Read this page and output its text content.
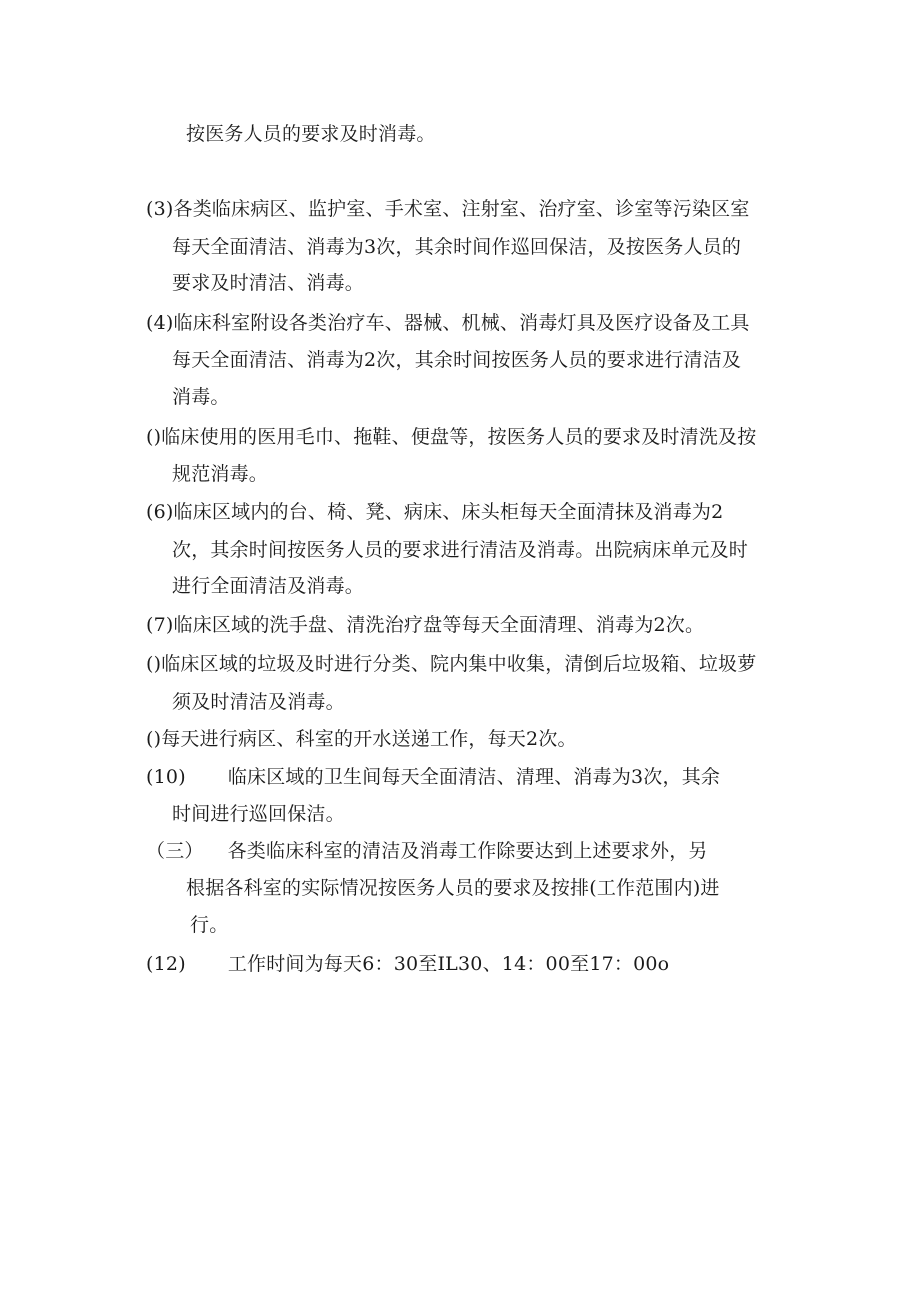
按医务人员的要求及时消毒。
(3)各类临床病区、监护室、手术室、注射室、治疗室、诊室等污染区室
每天全面清洁、消毒为3次，其余时间作巡回保洁，及按医务人员的
要求及时清洁、消毒。
(4)临床科室附设各类治疗车、器械、机械、消毒灯具及医疗设备及工具
每天全面清洁、消毒为2次，其余时间按医务人员的要求进行清洁及
消毒。
()临床使用的医用毛巾、拖鞋、便盘等，按医务人员的要求及时清洗及按
规范消毒。
(6)临床区域内的台、椅、凳、病床、床头柜每天全面清抹及消毒为2
次，其余时间按医务人员的要求进行清洁及消毒。出院病床单元及时
进行全面清洁及消毒。
(7)临床区域的洗手盘、清洗治疗盘等每天全面清理、消毒为2次。
()临床区域的垃圾及时进行分类、院内集中收集，清倒后垃圾箱、垃圾萝
须及时清洁及消毒。
()每天进行病区、科室的开水送递工作，每天2次。
(10) 临床区域的卫生间每天全面清洁、清理、消毒为3次，其余
时间进行巡回保洁。
（三） 各类临床科室的清洁及消毒工作除要达到上述要求外，另
根据各科室的实际情况按医务人员的要求及按排(工作范围内)进
行。
(12) 工作时间为每天6：30至IL30、14：00至17：00o
